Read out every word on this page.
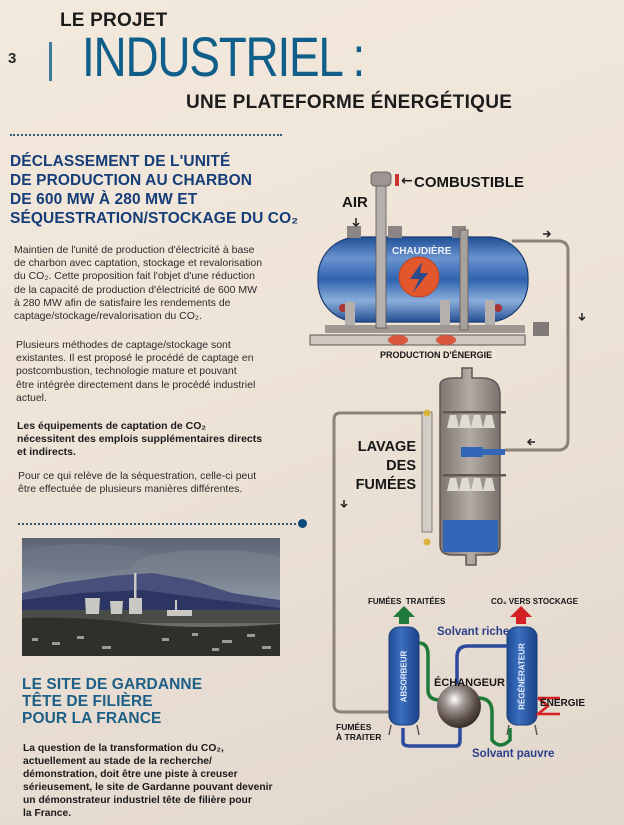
3
LE PROJET
INDUSTRIEL :
UNE PLATEFORME ÉNERGÉTIQUE
DÉCLASSEMENT DE L'UNITÉ
DE PRODUCTION AU CHARBON
DE 600 MW À 280 MW ET
SÉQUESTRATION/STOCKAGE DU CO₂
Maintien de l'unité de production d'électricité à base
de charbon avec captation, stockage et revalorisation
du CO₂. Cette proposition fait l'objet d'une réduction
de la capacité de production d'électricité de 600 MW
à 280 MW afin de satisfaire les rendements de
captage/stockage/revalorisation du CO₂.
Plusieurs méthodes de captage/stockage sont
existantes. Il est proposé le procédé de captage en
postcombustion, technologie mature et pouvant
être intégrée directement dans le procédé industriel
actuel.
Les équipements de captation de CO₂
nécessitent des emplois supplémentaires directs
et indirects.
Pour ce qui relève de la séquestration, celle-ci peut
être effectuée de plusieurs manières différentes.
LE SITE DE GARDANNE
TÊTE DE FILIÈRE
POUR LA FRANCE
La question de la transformation du CO₂,
actuellement au stade de la recherche/
démonstration, doit être une piste à creuser
sérieusement, le site de Gardanne pouvant devenir
un démonstrateur industriel tête de filière pour
la France.
COMBUSTIBLE
←
AIR
CHAUDIÈRE
PRODUCTION D'ÉNERGIE
LAVAGE
DES
FUMÉES
FUMÉES  TRAITÉES	CO₂ VERS STOCKAGE
Solvant riche
ÉCHANGEUR
ÉNERGIE
FUMÉES
À TRAITER
Solvant pauvre
ABSORBEUR	RÉGÉNÉRATEUR
